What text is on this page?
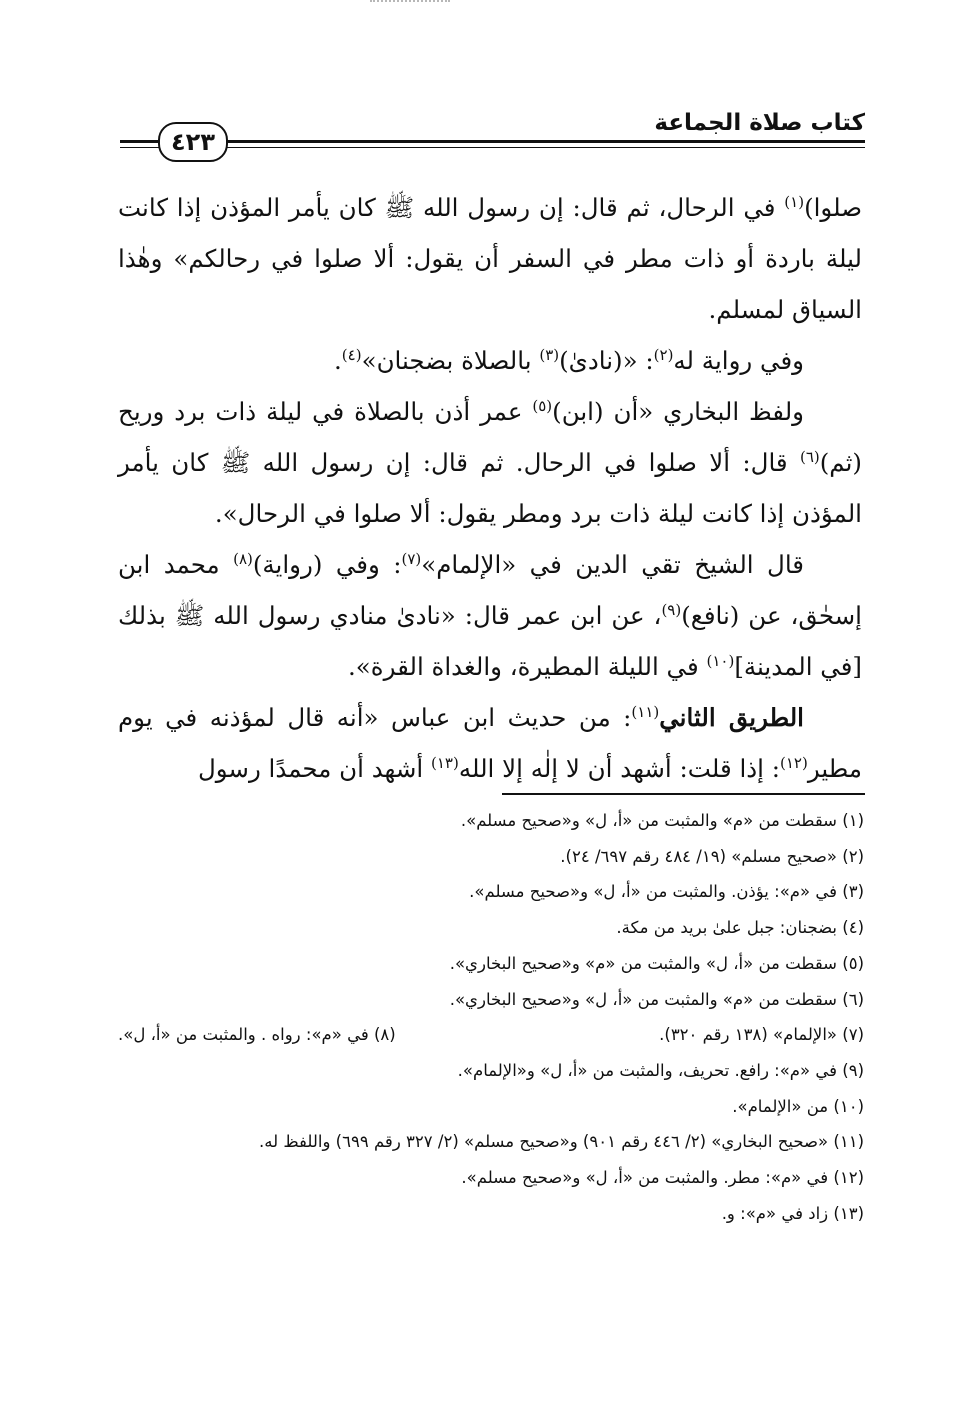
٤٢٣
كتاب صلاة الجماعة

صلوا)$^{(١)}$ في الرحال، ثم قال: إن رسول الله ﷺ كان يأمر المؤذن إذا كانت ليلة باردة أو ذات مطر في السفر أن يقول: ألا صلوا في رحالكم» وهٰذا السياق لمسلم.

وفي رواية له$^{(٢)}$: «(نادىٰ)$^{(٣)}$ بالصلاة بضجنان»$^{(٤)}$.

ولفظ البخاري «أن (ابن)$^{(٥)}$ عمر أذن بالصلاة في ليلة ذات برد وريح (ثم)$^{(٦)}$ قال: ألا صلوا في الرحال. ثم قال: إن رسول الله ﷺ كان يأمر المؤذن إذا كانت ليلة ذات برد ومطر يقول: ألا صلوا في الرحال».

قال الشيخ تقي الدين في «الإلمام»$^{(٧)}$: وفي (رواية)$^{(٨)}$ محمد ابن إسحٰق، عن (نافع)$^{(٩)}$، عن ابن عمر قال: «نادىٰ منادي رسول الله ﷺ بذلك [في المدينة]$^{(١٠)}$ في الليلة المطيرة، والغداة القرة».

الطريق الثاني$^{(١١)}$: من حديث ابن عباس «أنه قال لمؤذنه في يوم مطير$^{(١٢)}$: إذا قلت: أشهد أن لا إلٰه إلا الله$^{(١٣)}$ أشهد أن محمدًا رسول

(١) سقطت من «م» والمثبت من «أ، ل» و«صحيح مسلم».

(٢) «صحيح مسلم» (١٩/ ٤٨٤ رقم ٦٩٧/ ٢٤).

(٣) في «م»: يؤذن. والمثبت من «أ، ل» و«صحيح مسلم».

(٤) بضجنان: جبل علىٰ بريد من مكة.

(٥) سقطت من «أ، ل» والمثبت من «م» و«صحيح البخاري».

(٦) سقطت من «م» والمثبت من «أ، ل» و«صحيح البخاري».

(٧) «الإلمام» (١٣٨ رقم ٣٢٠).
(٨) في «م»: رواه . والمثبت من «أ، ل».

(٩) في «م»: رافع. تحريف، والمثبت من «أ، ل» و«الإلمام».

(١٠) من «الإلمام».

(١١) «صحيح البخاري» (٢/ ٤٤٦ رقم ٩٠١) و«صحيح مسلم» (٢/ ٣٢٧ رقم ٦٩٩) واللفظ له.

(١٢) في «م»: مطر. والمثبت من «أ، ل» و«صحيح مسلم».

(١٣) زاد في «م»: و.
